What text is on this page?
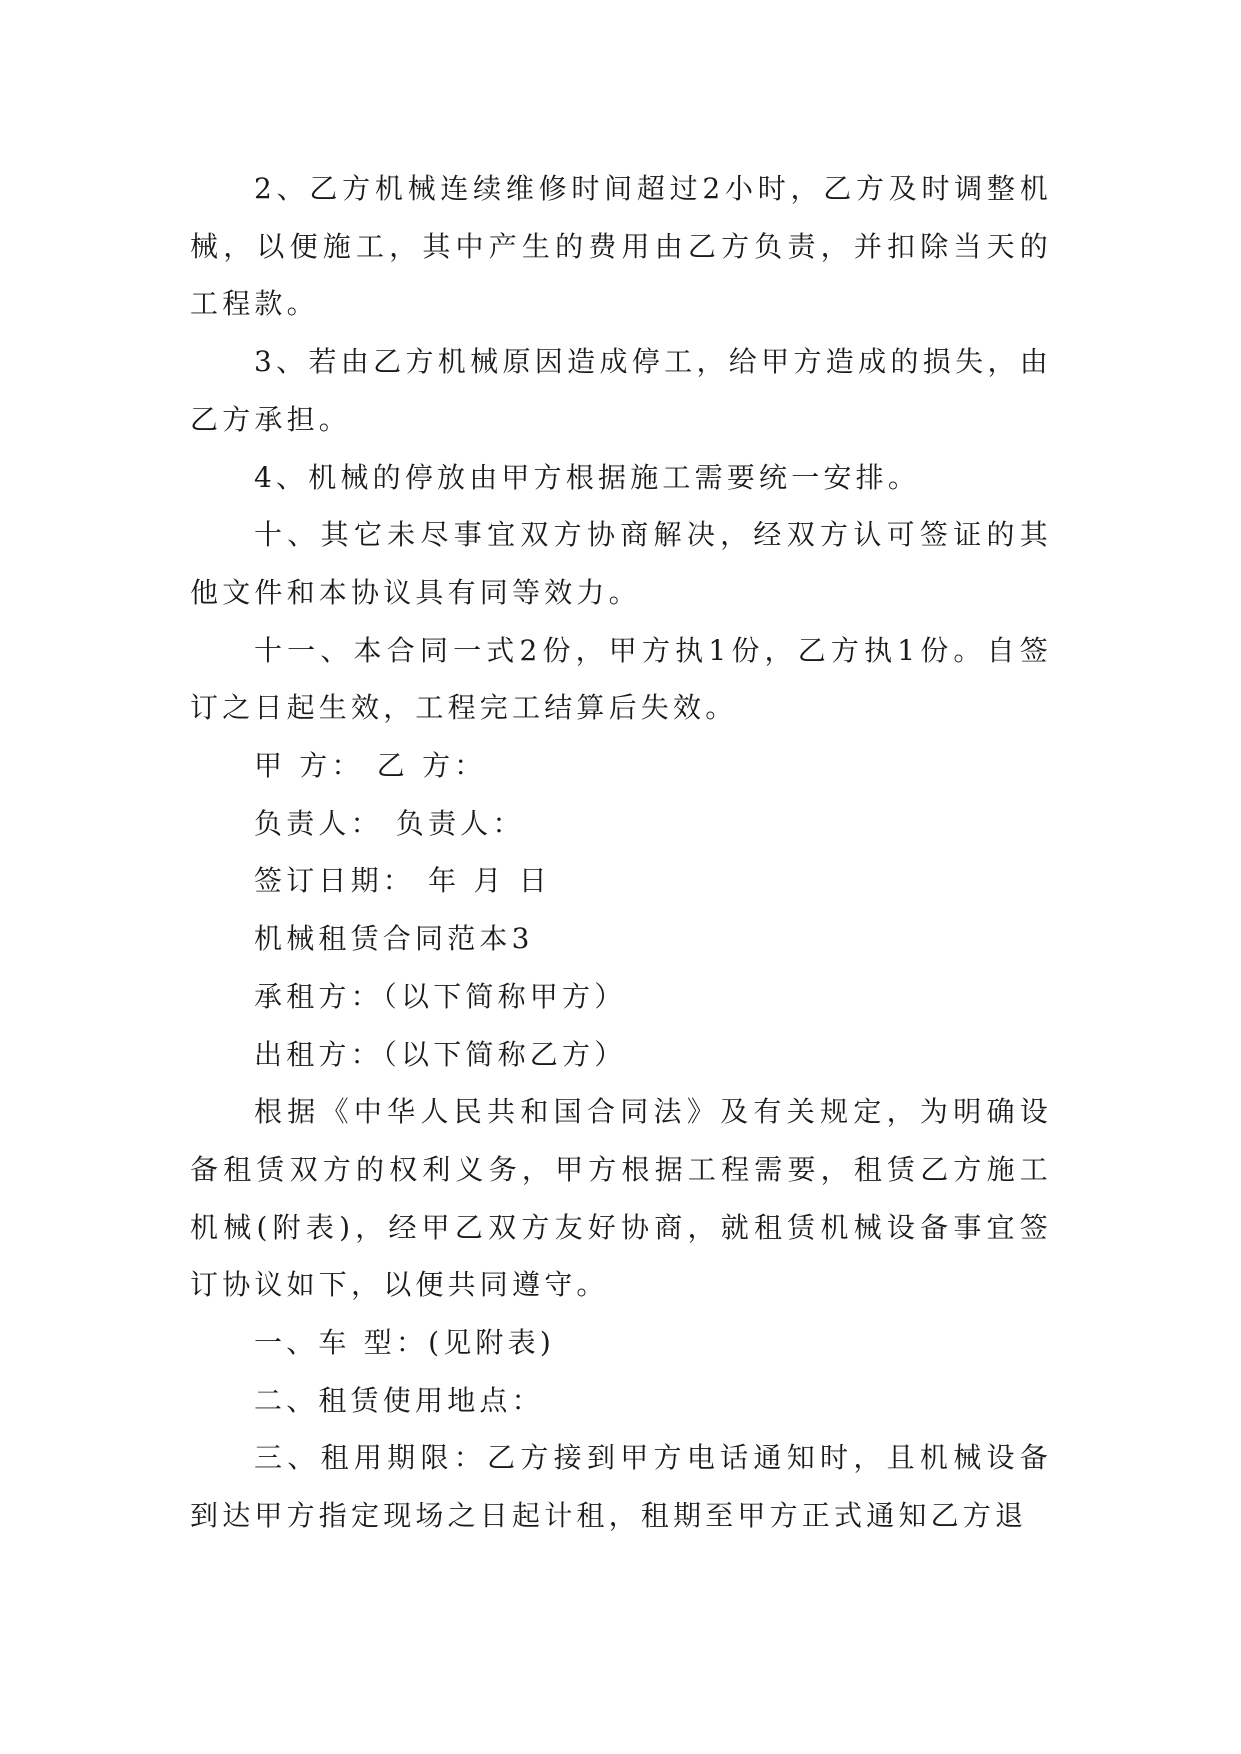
2、乙方机械连续维修时间超过2小时，乙方及时调整机械，以便施工，其中产生的费用由乙方负责，并扣除当天的工程款。

3、若由乙方机械原因造成停工，给甲方造成的损失，由乙方承担。

4、机械的停放由甲方根据施工需要统一安排。

十、其它未尽事宜双方协商解决，经双方认可签证的其他文件和本协议具有同等效力。

十一、本合同一式2份，甲方执1份，乙方执1份。自签订之日起生效，工程完工结算后失效。

甲 方： 乙 方：

负责人： 负责人：

签订日期： 年 月 日

机械租赁合同范本3

承租方：（以下简称甲方）

出租方：（以下简称乙方）

根据《中华人民共和国合同法》及有关规定，为明确设备租赁双方的权利义务，甲方根据工程需要，租赁乙方施工机械(附表)，经甲乙双方友好协商，就租赁机械设备事宜签订协议如下，以便共同遵守。

一、车 型：(见附表)

二、租赁使用地点：

三、租用期限：乙方接到甲方电话通知时，且机械设备到达甲方指定现场之日起计租，租期至甲方正式通知乙方退
